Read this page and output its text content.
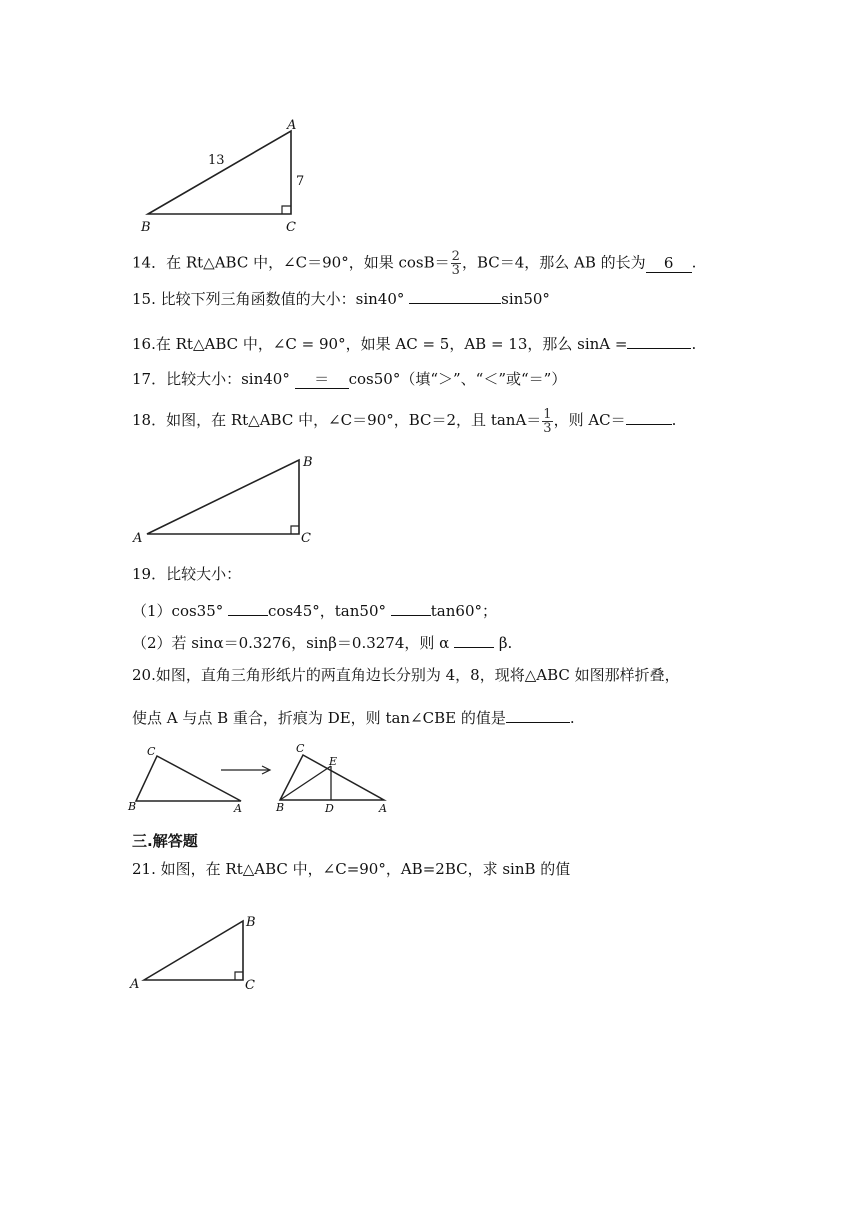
A
B	C
13
7
14．在 Rt△ABC 中，∠C＝90°，如果 $\cos B= \frac{2}{3}$ ，BC＝4，那么 AB 的长为 6 .
15. 比较下列三角函数值的大小：sin40°	sin50°
16.在 Rt△ABC 中，∠C = 90°，如果 AC = 5，AB = 13，那么 sinA =	.
17．比较大小：sin40° ＝ cos50°（填“＞”、“＜”或“＝”）
18．如图，在 Rt△ABC 中，∠C＝90°，BC＝2，且 $\tan A= \frac{1}{3}$ ，则 AC＝	.
A
B
C
19．比较大小：
（1）cos35°	cos45°，tan50°	tan60°；
（2）若 sinα＝0.3276，sinβ＝0.3274，则 α	β.
20.如图，直角三角形纸片的两直角边长分别为 4，8，现将△ABC 如图那样折叠，
使点 A 与点 B 重合，折痕为 DE，则 tan∠CBE 的值是	.
C
B	A
C
E
B	D	A
三.解答题
21. 如图，在 Rt△ABC 中，∠C=90°，AB=2BC，求 sinB 的值
A
B
C
